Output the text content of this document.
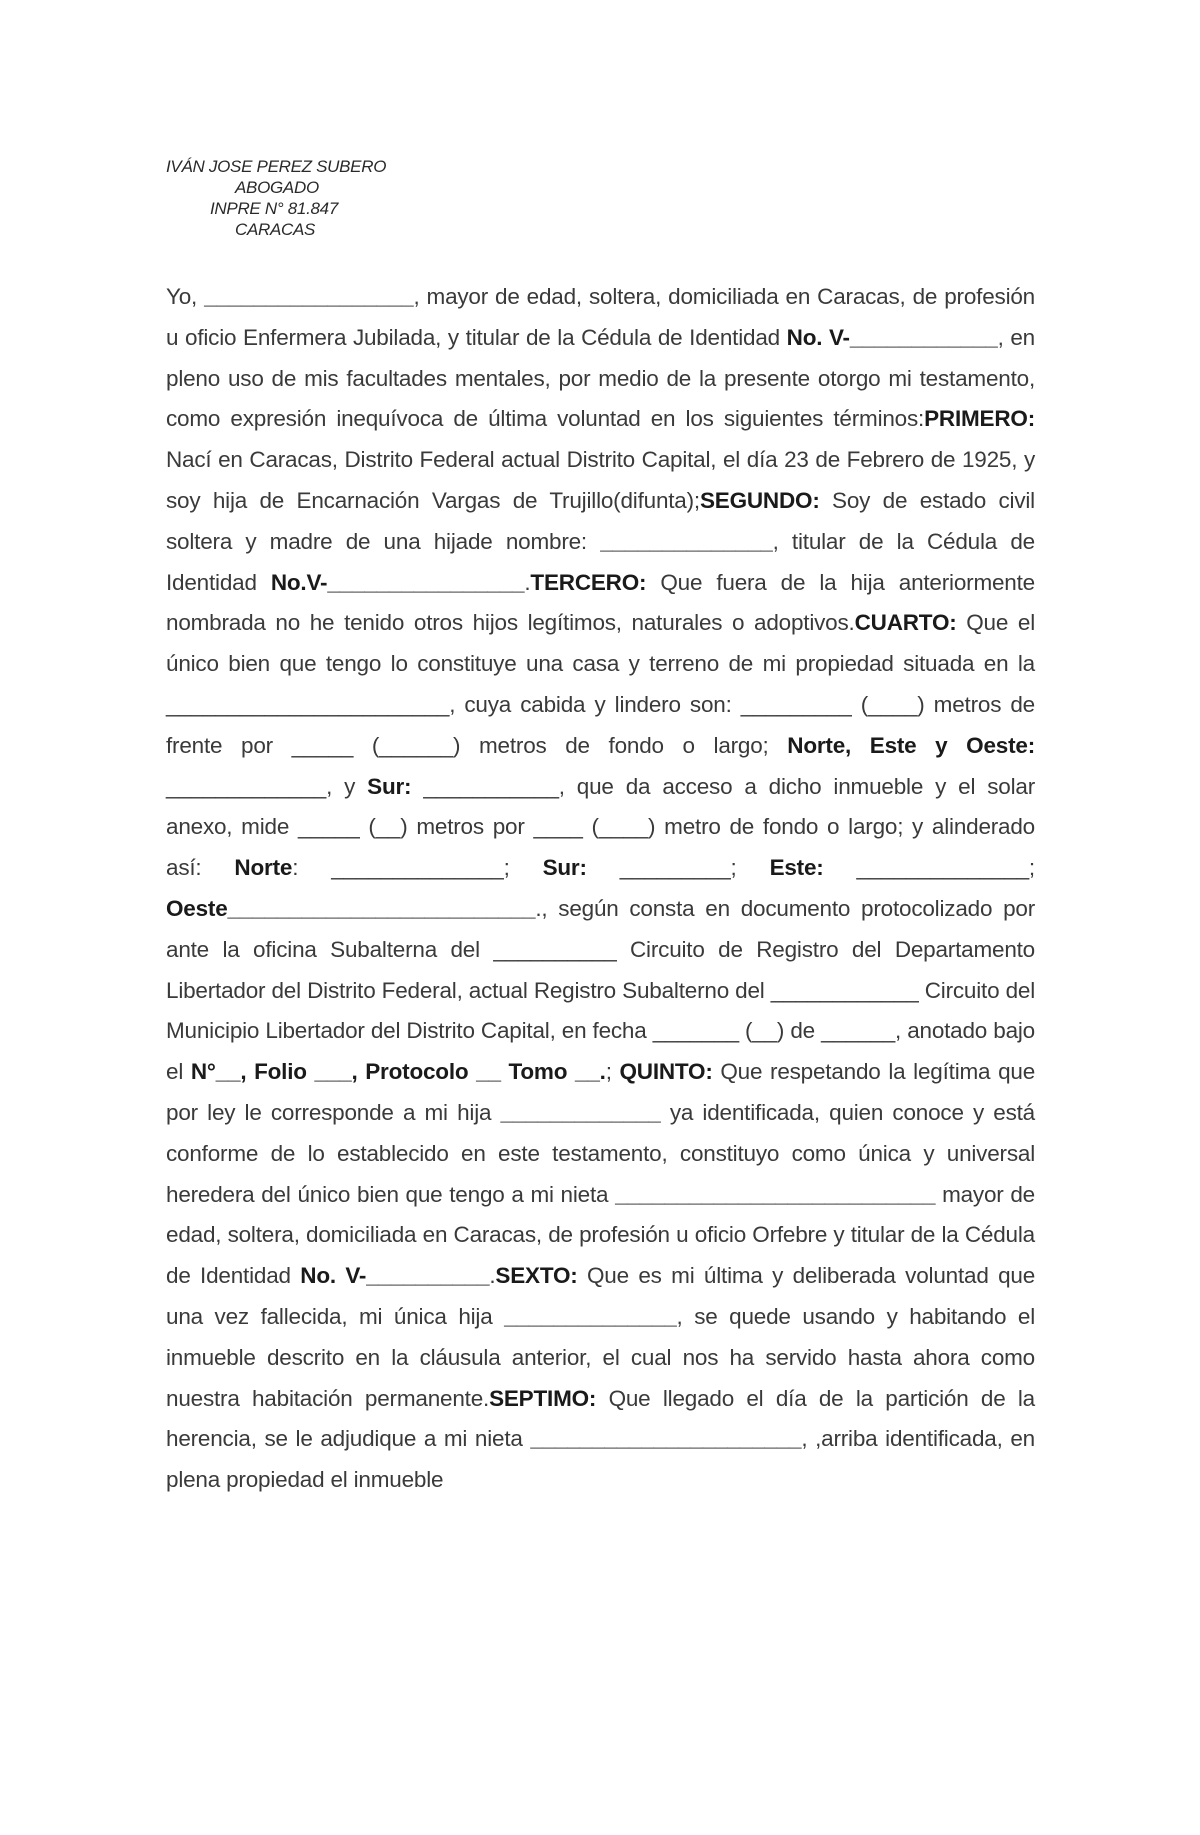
IVÁN JOSE PEREZ SUBERO
ABOGADO
INPRE N° 81.847
CARACAS
Yo, _________________, mayor de edad, soltera, domiciliada en Caracas, de profesión u oficio Enfermera Jubilada, y titular de la Cédula de Identidad No. V-____________, en pleno uso de mis facultades mentales, por medio de la presente otorgo mi testamento, como expresión inequívoca de última voluntad en los siguientes términos:PRIMERO: Nací en Caracas, Distrito Federal actual Distrito Capital, el día 23 de Febrero de 1925, y soy hija de Encarnación Vargas de Trujillo(difunta);SEGUNDO: Soy de estado civil soltera y madre de una hijade nombre: ______________, titular de la Cédula de Identidad No.V-________________.TERCERO: Que fuera de la hija anteriormente nombrada no he tenido otros hijos legítimos, naturales o adoptivos.CUARTO: Que el único bien que tengo lo constituye una casa y terreno de mi propiedad situada en la _______________________, cuya cabida y lindero son: _________ (____) metros de frente por _____ (______) metros de fondo o largo; Norte, Este y Oeste: _____________, y Sur: ___________, que da acceso a dicho inmueble y el solar anexo, mide _____ (__) metros por ____ (____) metro de fondo o largo; y alinderado así: Norte: ______________; Sur: _________; Este: ______________; Oeste_________________________., según consta en documento protocolizado por ante la oficina Subalterna del __________ Circuito de Registro del Departamento Libertador del Distrito Federal, actual Registro Subalterno del ____________ Circuito del Municipio Libertador del Distrito Capital, en fecha _______ (__) de ______, anotado bajo el N°__, Folio ___, Protocolo __ Tomo __.; QUINTO: Que respetando la legítima que por ley le corresponde a mi hija _____________ ya identificada, quien conoce y está conforme de lo establecido en este testamento, constituyo como única y universal heredera del único bien que tengo a mi nieta __________________________ mayor de edad, soltera, domiciliada en Caracas, de profesión u oficio Orfebre y titular de la Cédula de Identidad No. V-__________.SEXTO: Que es mi última y deliberada voluntad que una vez fallecida, mi única hija ______________, se quede usando y habitando el inmueble descrito en la cláusula anterior, el cual nos ha servido hasta ahora como nuestra habitación permanente.SEPTIMO: Que llegado el día de la partición de la herencia, se le adjudique a mi nieta ______________________, ,arriba identificada, en plena propiedad el inmueble
